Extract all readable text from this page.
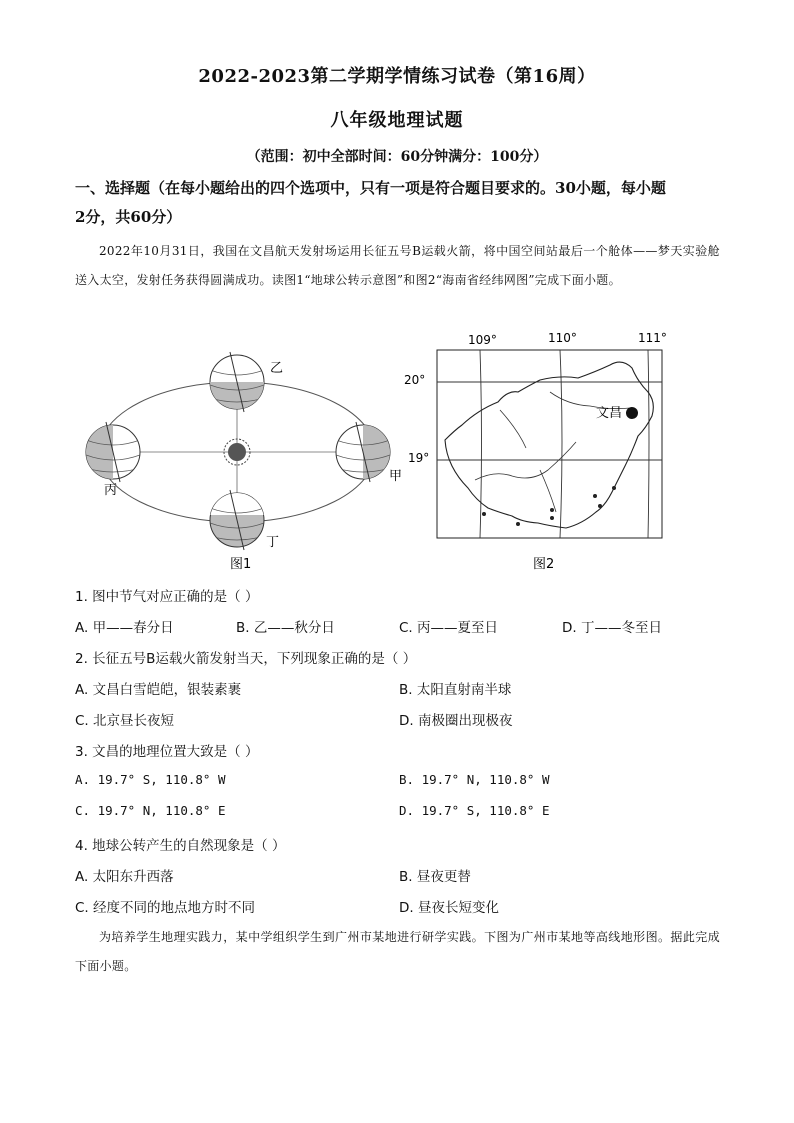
2022-2023第二学期学情练习试卷（第16周）
八年级地理试题
（范围：初中全部时间：60分钟满分：100分）
一、选择题（在每小题给出的四个选项中，只有一项是符合题目要求的。30小题，每小题
2分，共60分）
2022年10月31日，我国在文昌航天发射场运用长征五号B运载火箭，将中国空间站最后一个舱体——梦天实验舱送入太空，发射任务获得圆满成功。读图1“地球公转示意图”和图2“海南省经纬网图”完成下面小题。
乙
甲
丙
丁
图1
109°	110°	111°
20°
19°
文昌
图2
1. 图中节气对应正确的是（ ）
A. 甲——春分日	B. 乙——秋分日	C. 丙——夏至日	D. 丁——冬至日
2. 长征五号B运载火箭发射当天，下列现象正确的是（ ）
A. 文昌白雪皑皑，银装素裹	B. 太阳直射南半球
C. 北京昼长夜短	D. 南极圈出现极夜
3. 文昌的地理位置大致是（ ）
A. 19.7° S, 110.8° W	B. 19.7° N, 110.8° W
C. 19.7° N, 110.8° E	D. 19.7° S, 110.8° E
4. 地球公转产生的自然现象是（ ）
A. 太阳东升西落	B. 昼夜更替
C. 经度不同的地点地方时不同	D. 昼夜长短变化
为培养学生地理实践力，某中学组织学生到广州市某地进行研学实践。下图为广州市某地等高线地形图。据此完成下面小题。
